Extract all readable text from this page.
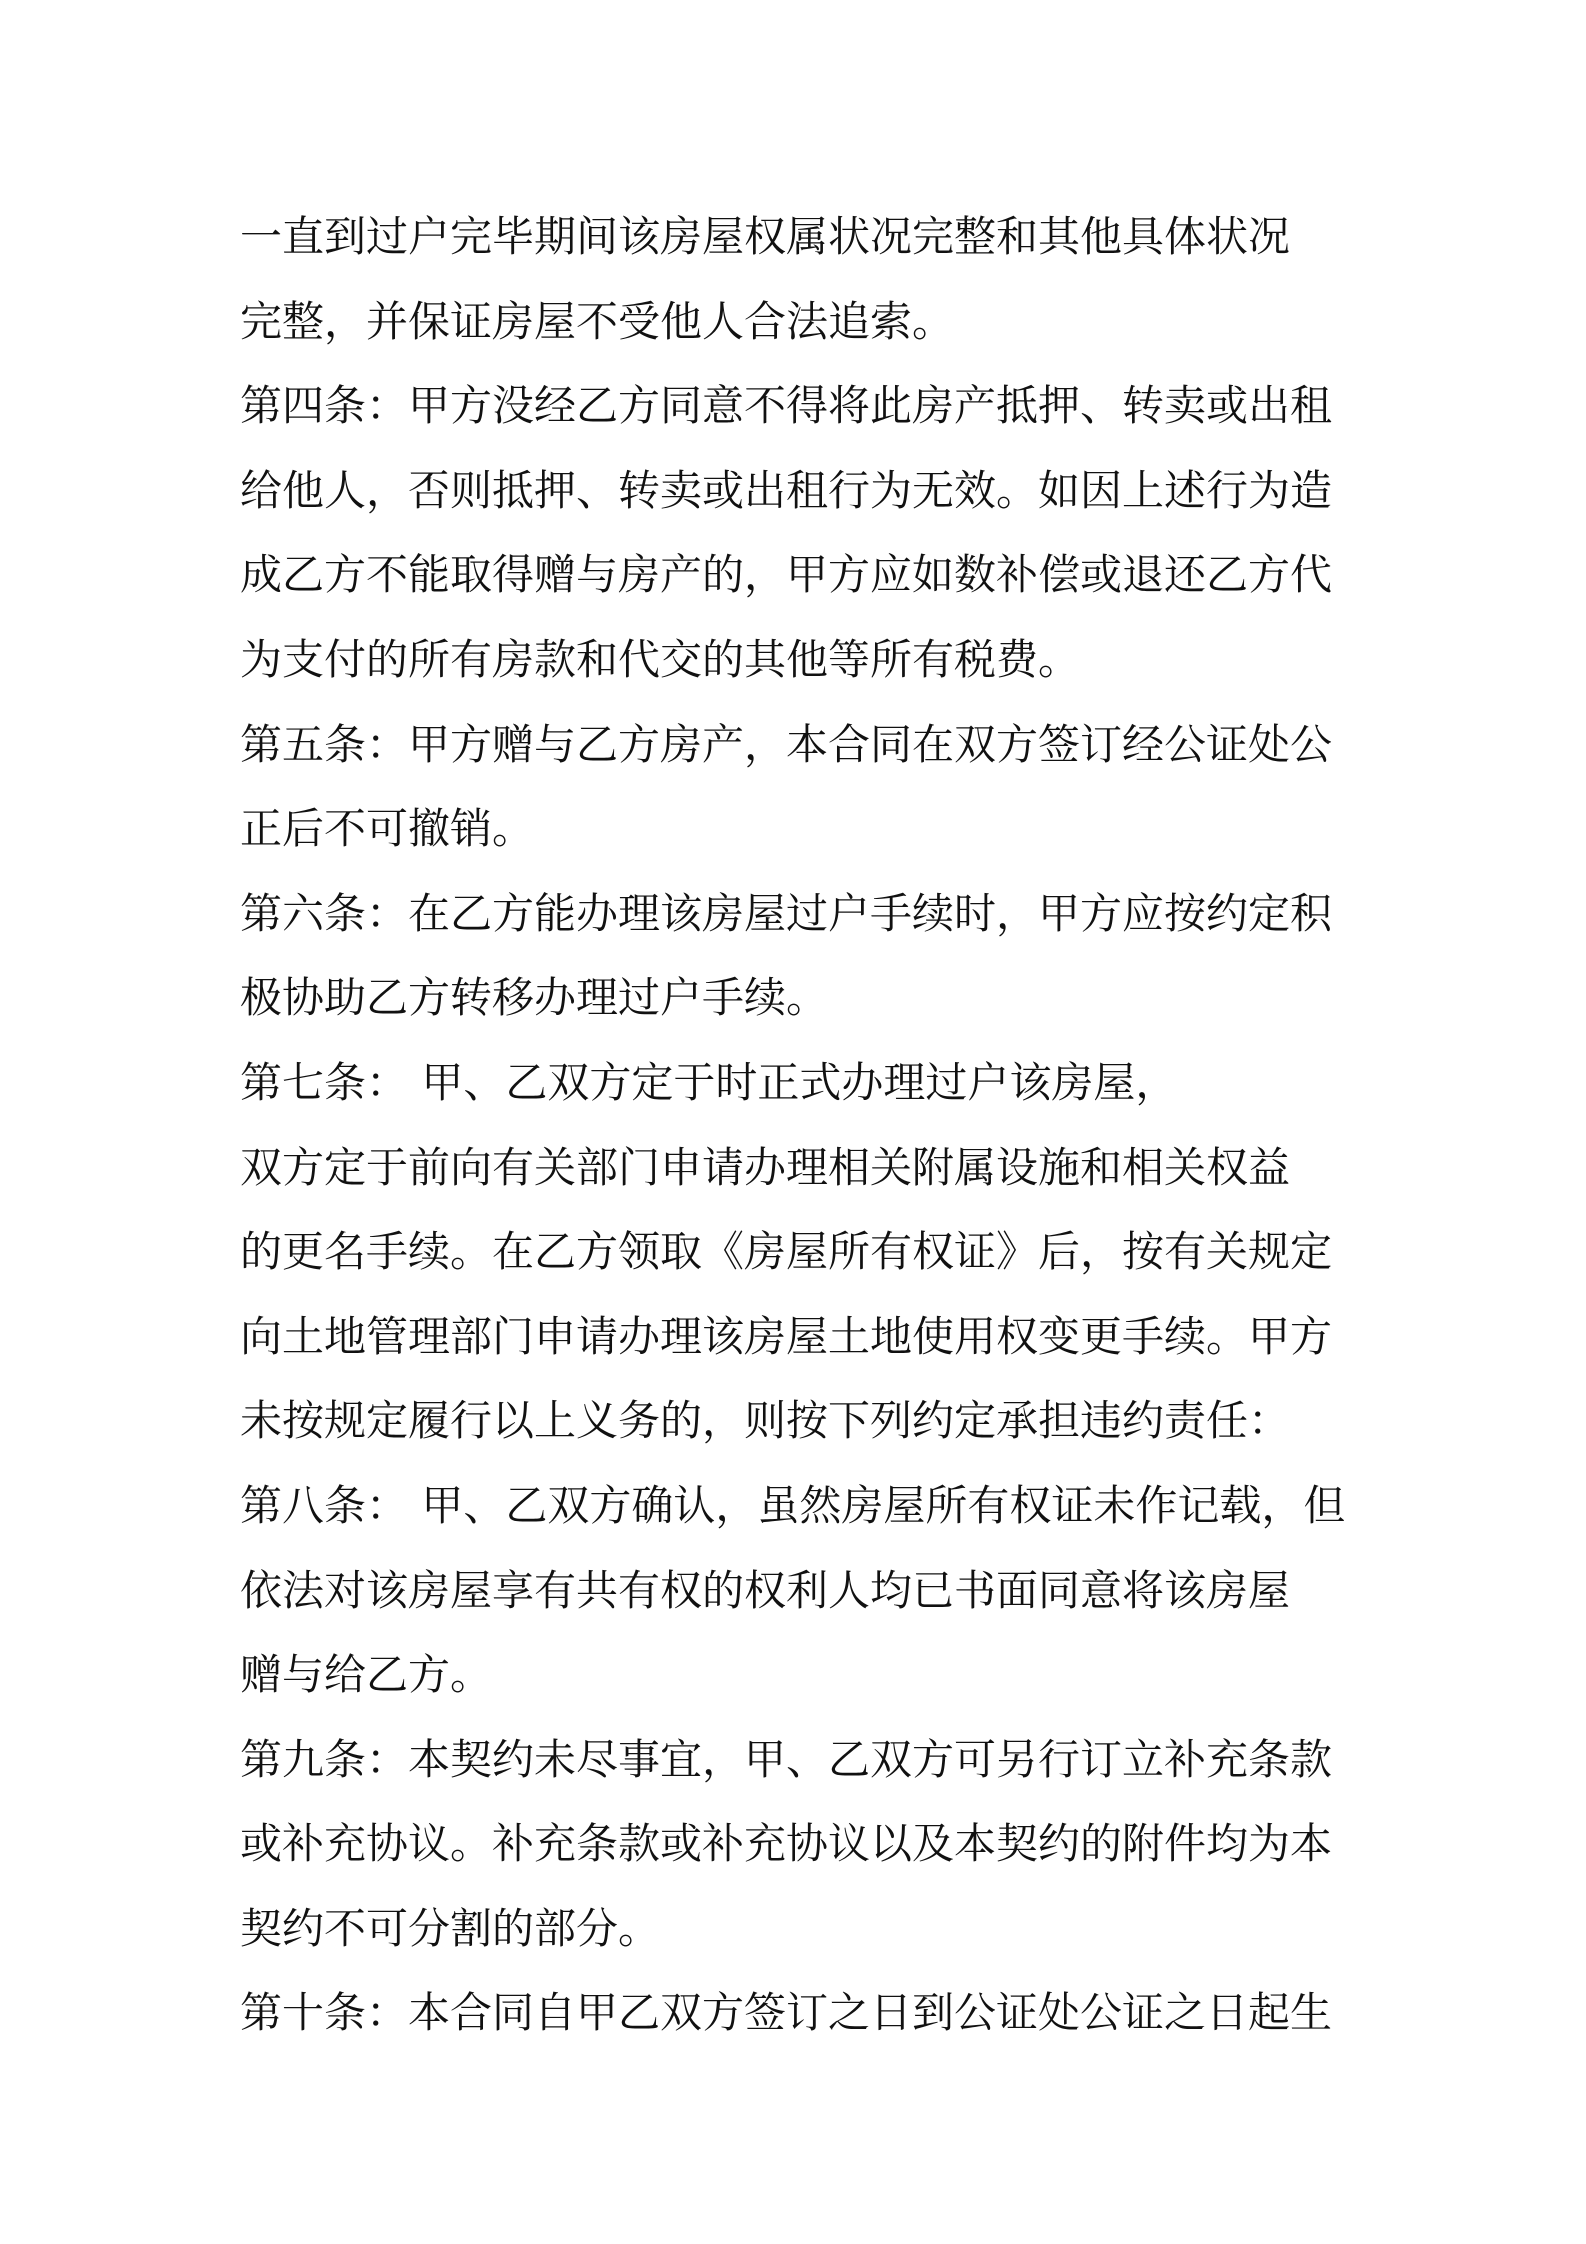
一直到过户完毕期间该房屋权属状况完整和其他具体状况
完整，并保证房屋不受他人合法追索。
第四条：甲方没经乙方同意不得将此房产抵押、转卖或出租
给他人，否则抵押、转卖或出租行为无效。如因上述行为造
成乙方不能取得赠与房产的，甲方应如数补偿或退还乙方代
为支付的所有房款和代交的其他等所有税费。
第五条：甲方赠与乙方房产，本合同在双方签订经公证处公
正后不可撤销。
第六条：在乙方能办理该房屋过户手续时，甲方应按约定积
极协助乙方转移办理过户手续。
第七条： 甲、乙双方定于时正式办理过户该房屋，
双方定于前向有关部门申请办理相关附属设施和相关权益
的更名手续。在乙方领取《房屋所有权证》后，按有关规定
向土地管理部门申请办理该房屋土地使用权变更手续。甲方
未按规定履行以上义务的，则按下列约定承担违约责任：
第八条： 甲、乙双方确认，虽然房屋所有权证未作记载，但
依法对该房屋享有共有权的权利人均已书面同意将该房屋
赠与给乙方。
第九条：本契约未尽事宜，甲、乙双方可另行订立补充条款
或补充协议。补充条款或补充协议以及本契约的附件均为本
契约不可分割的部分。
第十条：本合同自甲乙双方签订之日到公证处公证之日起生
